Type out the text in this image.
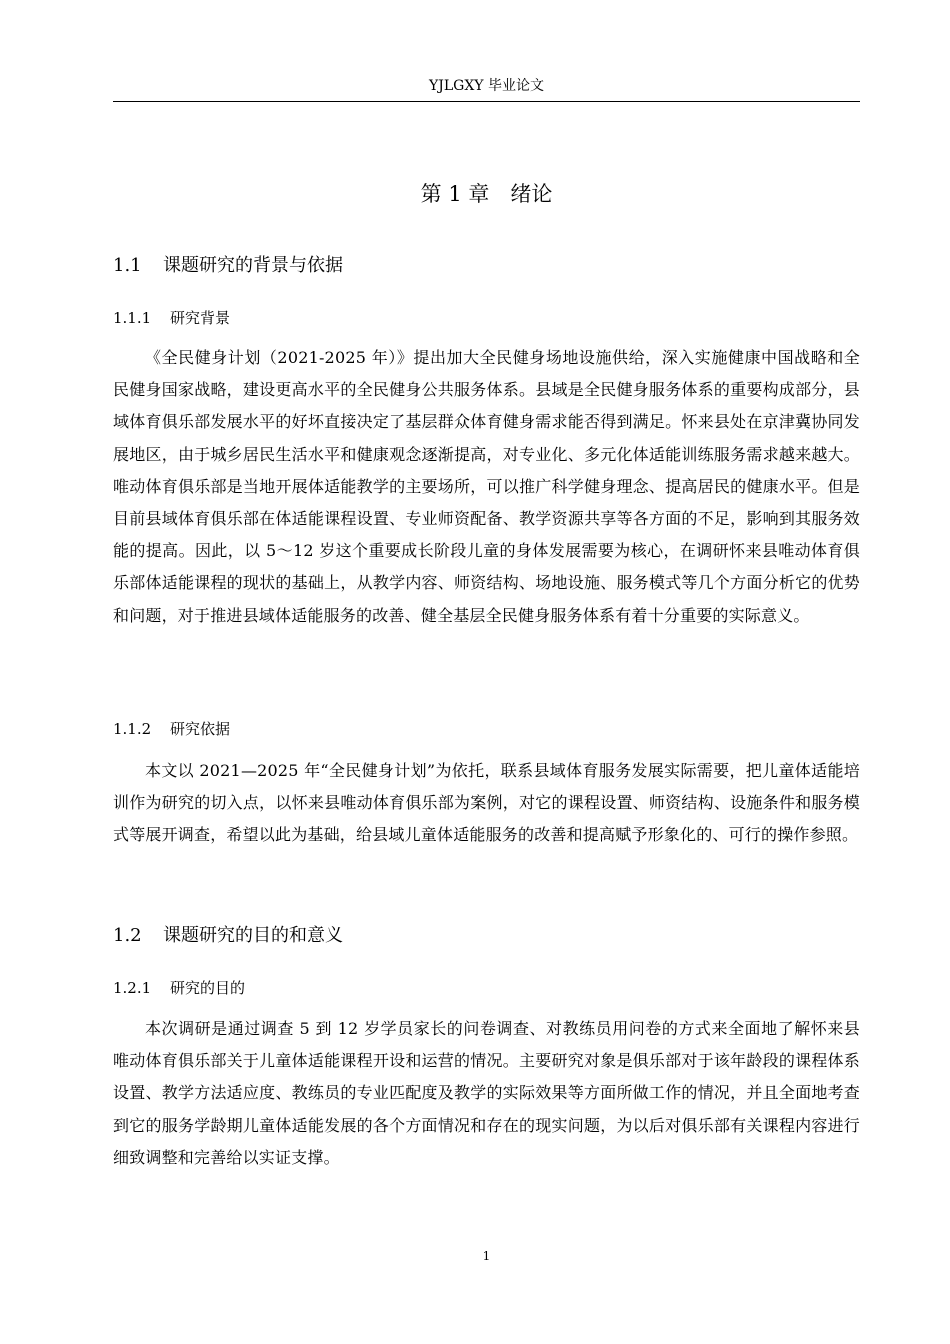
YJLGXY 毕业论文
第 1 章　绪论
1.1 课题研究的背景与依据
1.1.1 研究背景

《全民健身计划（2021-2025 年）》提出加大全民健身场地设施供给，深入实施健康中国战略和全民健身国家战略，建设更高水平的全民健身公共服务体系。县域是全民健身服务体系的重要构成部分，县域体育俱乐部发展水平的好坏直接决定了基层群众体育健身需求能否得到满足。怀来县处在京津冀协同发展地区，由于城乡居民生活水平和健康观念逐渐提高，对专业化、多元化体适能训练服务需求越来越大。唯动体育俱乐部是当地开展体适能教学的主要场所，可以推广科学健身理念、提高居民的健康水平。但是目前县域体育俱乐部在体适能课程设置、专业师资配备、教学资源共享等各方面的不足，影响到其服务效能的提高。因此，以 5～12 岁这个重要成长阶段儿童的身体发展需要为核心，在调研怀来县唯动体育俱乐部体适能课程的现状的基础上，从教学内容、师资结构、场地设施、服务模式等几个方面分析它的优势和问题，对于推进县域体适能服务的改善、健全基层全民健身服务体系有着十分重要的实际意义。

1.1.2 研究依据

本文以 2021—2025 年“全民健身计划”为依托，联系县域体育服务发展实际需要，把儿童体适能培训作为研究的切入点，以怀来县唯动体育俱乐部为案例，对它的课程设置、师资结构、设施条件和服务模式等展开调查，希望以此为基础，给县域儿童体适能服务的改善和提高赋予形象化的、可行的操作参照。

1.2 课题研究的目的和意义
1.2.1 研究的目的

本次调研是通过调查 5 到 12 岁学员家长的问卷调查、对教练员用问卷的方式来全面地了解怀来县唯动体育俱乐部关于儿童体适能课程开设和运营的情况。主要研究对象是俱乐部对于该年龄段的课程体系设置、教学方法适应度、教练员的专业匹配度及教学的实际效果等方面所做工作的情况，并且全面地考查到它的服务学龄期儿童体适能发展的各个方面情况和存在的现实问题，为以后对俱乐部有关课程内容进行细致调整和完善给以实证支撑。

1
